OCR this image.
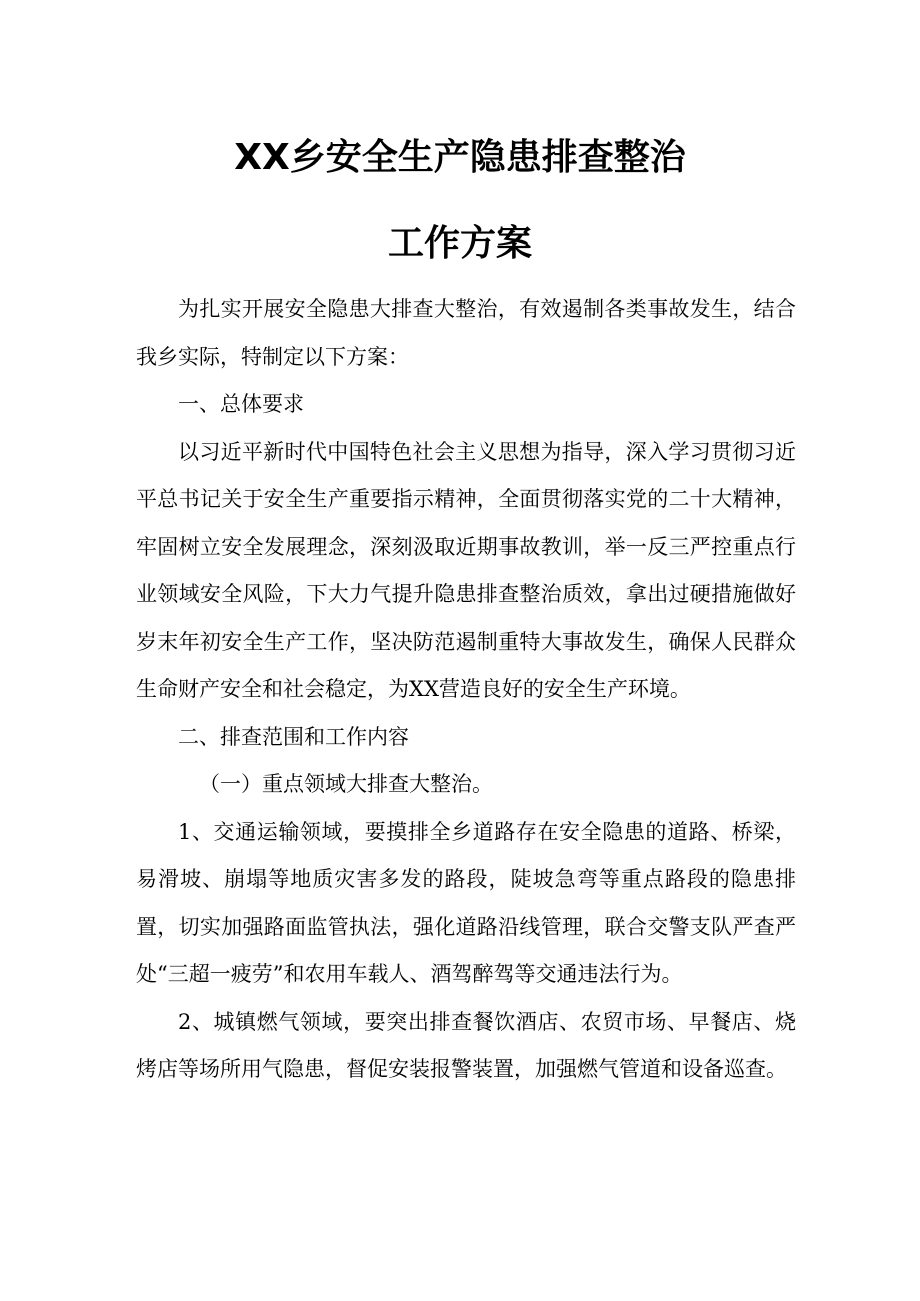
XX乡安全生产隐患排查整治
工作方案

为扎实开展安全隐患大排查大整治，有效遏制各类事故发生，结合我乡实际，特制定以下方案：

一、总体要求

以习近平新时代中国特色社会主义思想为指导，深入学习贯彻习近平总书记关于安全生产重要指示精神，全面贯彻落实党的二十大精神，牢固树立安全发展理念，深刻汲取近期事故教训，举一反三严控重点行业领域安全风险，下大力气提升隐患排查整治质效，拿出过硬措施做好岁末年初安全生产工作，坚决防范遏制重特大事故发生，确保人民群众生命财产安全和社会稳定，为XX营造良好的安全生产环境。

二、排查范围和工作内容

（一）重点领域大排查大整治。

1、交通运输领域，要摸排全乡道路存在安全隐患的道路、桥梁，易滑坡、崩塌等地质灾害多发的路段，陡坡急弯等重点路段的隐患排置，切实加强路面监管执法，强化道路沿线管理，联合交警支队严查严处“三超一疲劳”和农用车载人、酒驾醉驾等交通违法行为。

2、城镇燃气领域，要突出排查餐饮酒店、农贸市场、早餐店、烧烤店等场所用气隐患，督促安装报警装置，加强燃气管道和设备巡查。
